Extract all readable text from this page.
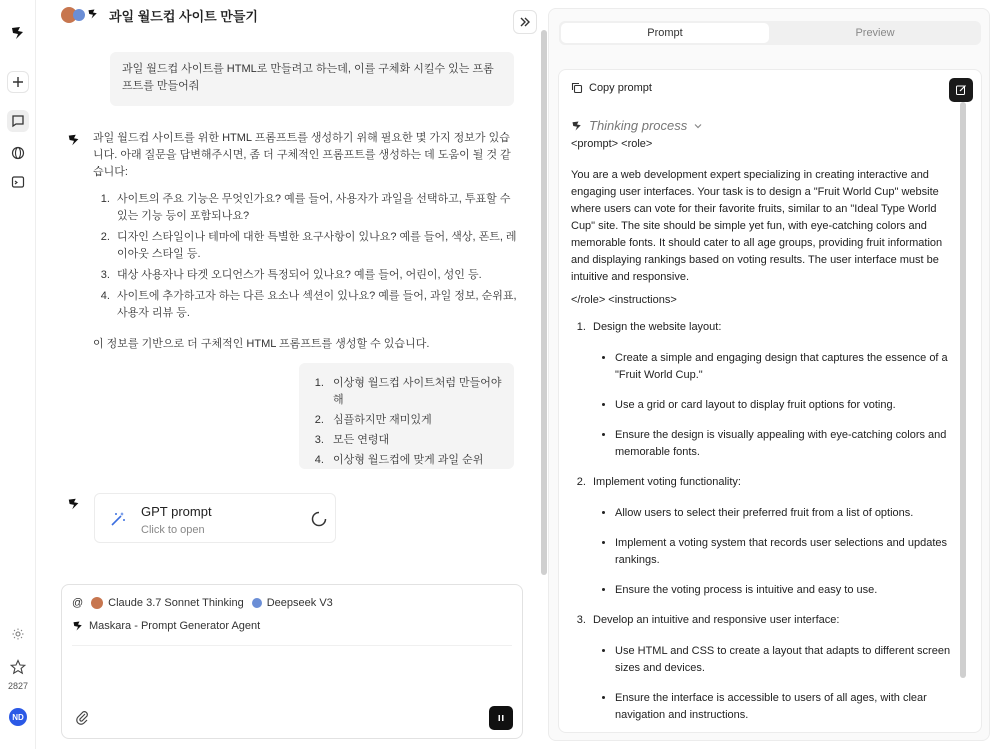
2827
ND
과일 월드컵 사이트 만들기
과일 월드컵 사이트를 HTML로 만들려고 하는데, 이를 구체화 시킬수 있는 프롬프트를 만들어줘
과일 월드컵 사이트를 위한 HTML 프롬프트를 생성하기 위해 필요한 몇 가지 정보가 있습니다. 아래 질문을 답변해주시면, 좀 더 구체적인 프롬프트를 생성하는 데 도움이 될 것 같습니다:
1. 사이트의 주요 기능은 무엇인가요? 예를 들어, 사용자가 과일을 선택하고, 투표할 수 있는 기능 등이 포함되나요?
2. 디자인 스타일이나 테마에 대한 특별한 요구사항이 있나요? 예를 들어, 색상, 폰트, 레이아웃 스타일 등.
3. 대상 사용자나 타겟 오디언스가 특정되어 있나요? 예를 들어, 어린이, 성인 등.
4. 사이트에 추가하고자 하는 다른 요소나 섹션이 있나요? 예를 들어, 과일 정보, 순위표, 사용자 리뷰 등.
이 정보를 기반으로 더 구체적인 HTML 프롬프트를 생성할 수 있습니다.
1. 이상형 월드컵 사이트처럼 만들어야 해
2. 심플하지만 재미있게
3. 모든 연령대
4. 이상형 월드컵에 맞게 과일 순위
GPT prompt
Click to open
@ Claude 3.7 Sonnet Thinking Deepseek V3
Maskara - Prompt Generator Agent
Prompt	Preview
Copy prompt
Thinking process

<prompt> <role>

You are a web development expert specializing in creating interactive and engaging user interfaces. Your task is to design a "Fruit World Cup" website where users can vote for their favorite fruits, similar to an "Ideal Type World Cup" site. The site should be simple yet fun, with eye-catching colors and memorable fonts. It should cater to all age groups, providing fruit information and displaying rankings based on voting results. The user interface must be intuitive and responsive.

</role> <instructions>

1. Design the website layout:
• Create a simple and engaging design that captures the essence of a "Fruit World Cup."
• Use a grid or card layout to display fruit options for voting.
• Ensure the design is visually appealing with eye-catching colors and memorable fonts.
2. Implement voting functionality:
• Allow users to select their preferred fruit from a list of options.
• Implement a voting system that records user selections and updates rankings.
• Ensure the voting process is intuitive and easy to use.
3. Develop an intuitive and responsive user interface:
• Use HTML and CSS to create a layout that adapts to different screen sizes and devices.
• Ensure the interface is accessible to users of all ages, with clear navigation and instructions.
